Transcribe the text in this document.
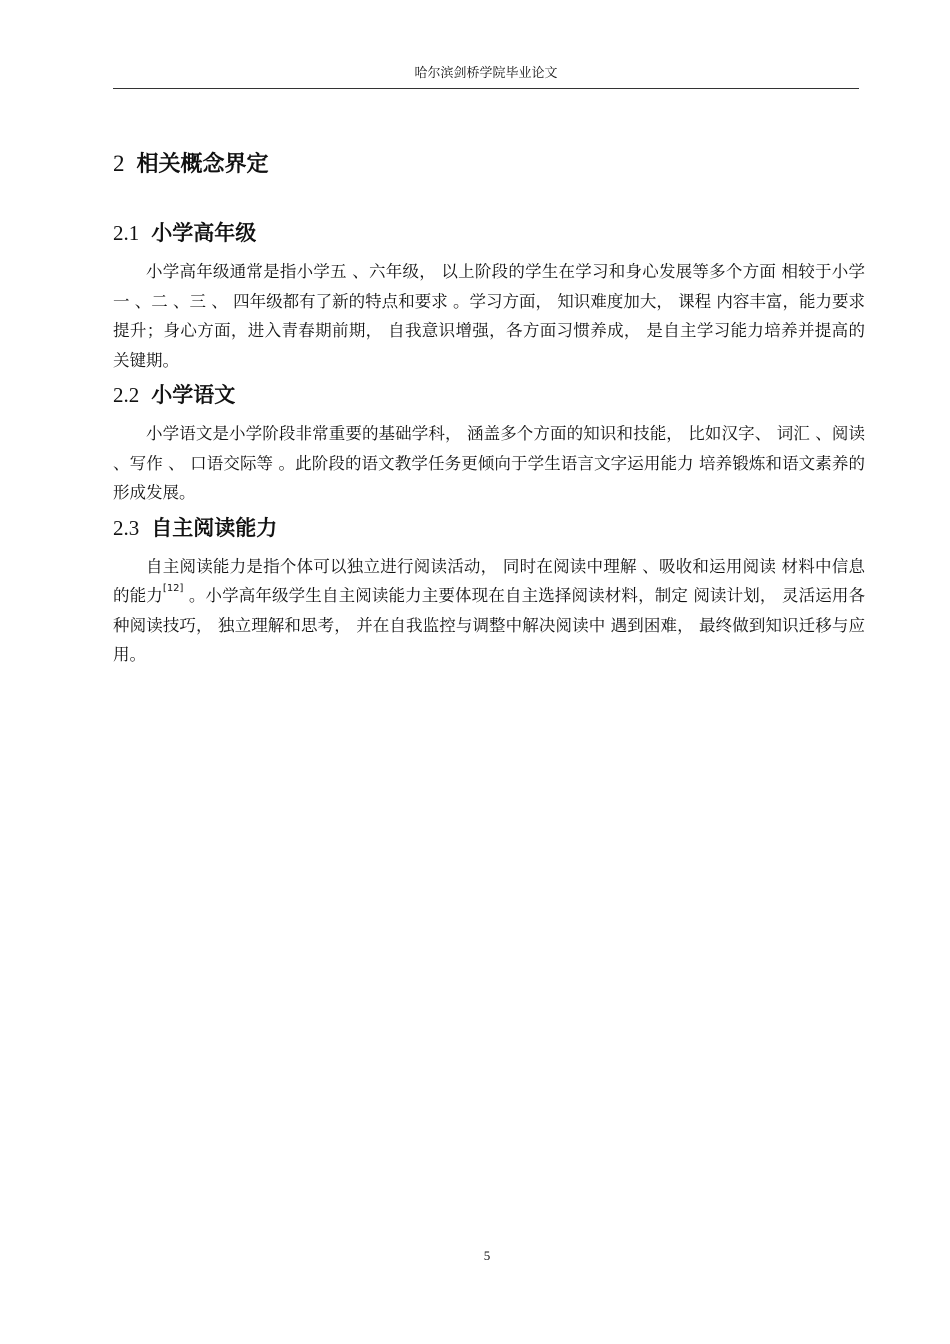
哈尔滨剑桥学院毕业论文
2 相关概念界定
2.1 小学高年级

小学高年级通常是指小学五 、六年级， 以上阶段的学生在学习和身心发展等多个方面 相较于小学一 、二 、三 、 四年级都有了新的特点和要求 。学习方面， 知识难度加大， 课程 内容丰富，能力要求提升；身心方面，进入青春期前期， 自我意识增强，各方面习惯养成， 是自主学习能力培养并提高的关键期。

2.2 小学语文

小学语文是小学阶段非常重要的基础学科， 涵盖多个方面的知识和技能， 比如汉字、 词汇 、阅读 、写作 、 口语交际等 。此阶段的语文教学任务更倾向于学生语言文字运用能力 培养锻炼和语文素养的形成发展。

2.3 自主阅读能力

自主阅读能力是指个体可以独立进行阅读活动， 同时在阅读中理解 、吸收和运用阅读 材料中信息的能力[12] 。小学高年级学生自主阅读能力主要体现在自主选择阅读材料，制定 阅读计划， 灵活运用各种阅读技巧， 独立理解和思考， 并在自我监控与调整中解决阅读中 遇到困难， 最终做到知识迁移与应用。

5
